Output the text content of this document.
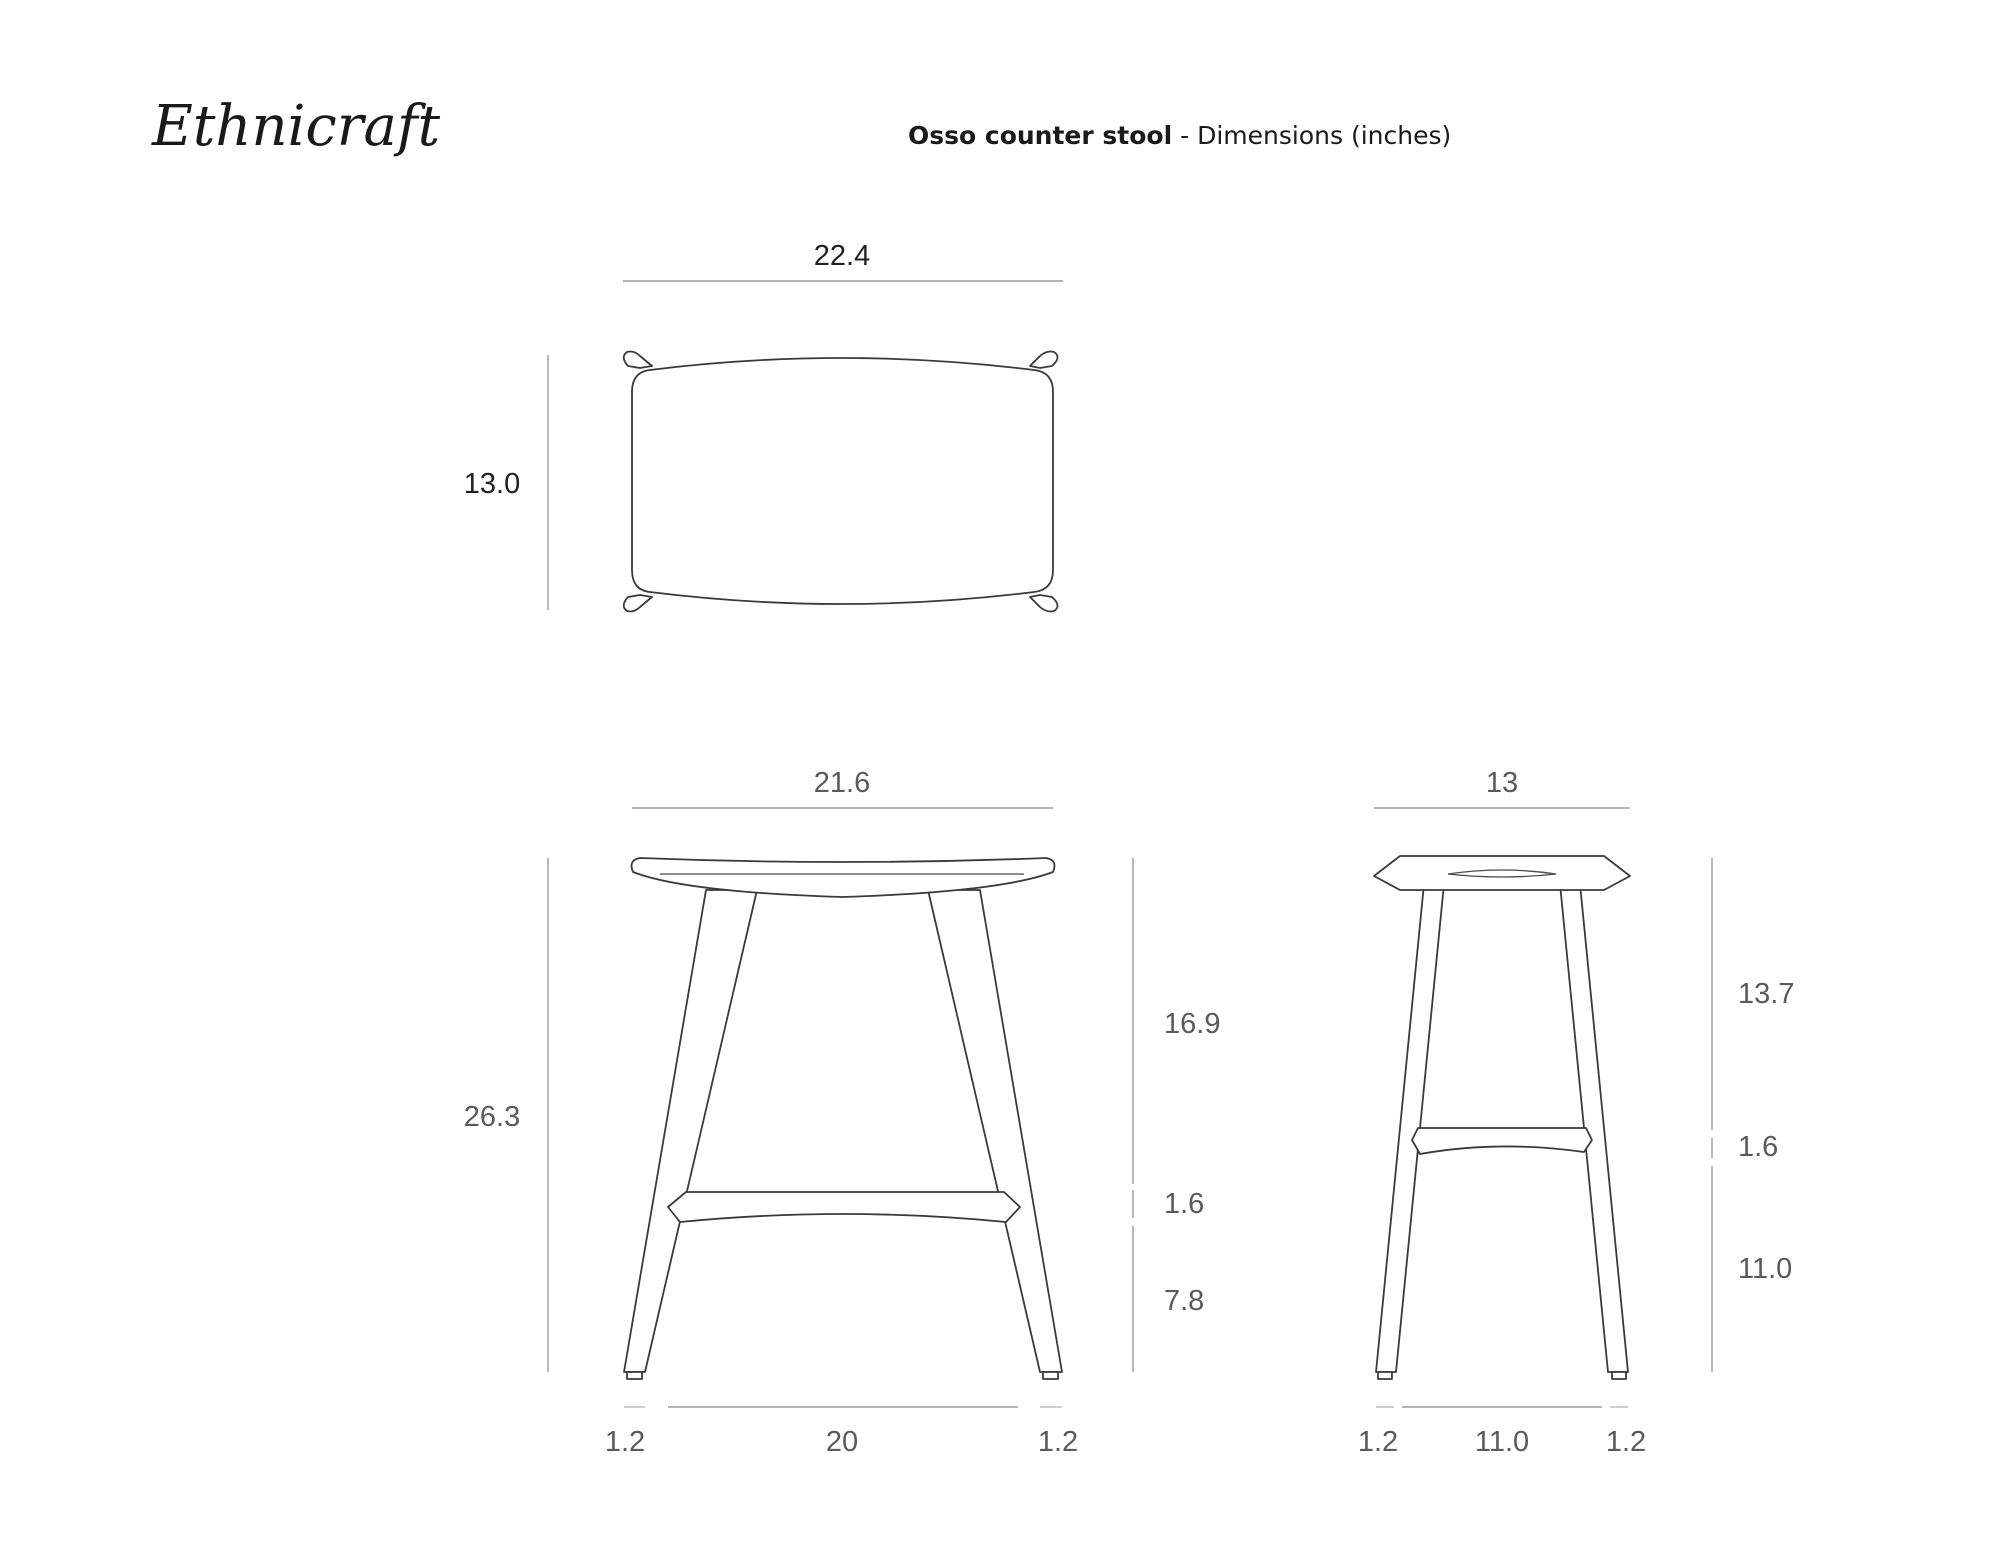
Ethnicraft	Osso counter stool - Dimensions (inches)
22.4
13.0
21.6
26.3
16.9
1.6
7.8
1.2	20	1.2
13
13.7
1.6
11.0
1.2	11.0	1.2
